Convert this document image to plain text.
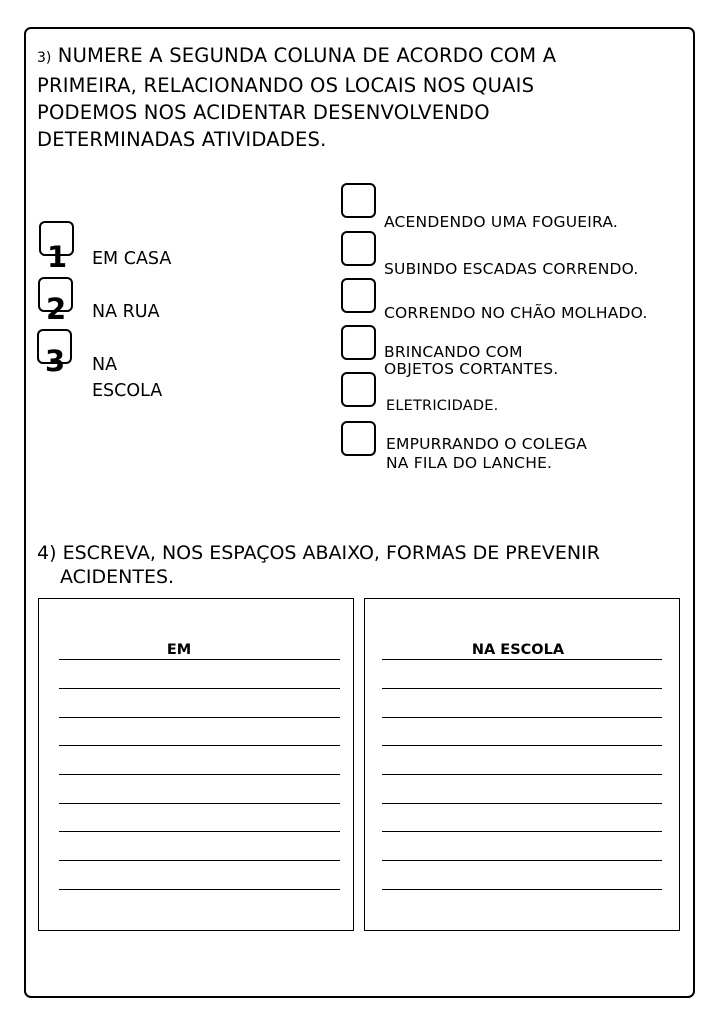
3) NUMERE A SEGUNDA COLUNA DE ACORDO COM A
PRIMEIRA, RELACIONANDO OS LOCAIS NOS QUAIS
PODEMOS NOS ACIDENTAR DESENVOLVENDO
DETERMINADAS ATIVIDADES.
1 EM CASA
2 NA RUA
3 NA
ESCOLA
ACENDENDO UMA FOGUEIRA.
SUBINDO ESCADAS CORRENDO.
CORRENDO NO CHÃO MOLHADO.
BRINCANDO COM
OBJETOS CORTANTES.
ELETRICIDADE.
EMPURRANDO O COLEGA
NA FILA DO LANCHE.
4) ESCREVA, NOS ESPAÇOS ABAIXO, FORMAS DE PREVENIR
ACIDENTES.
EM	NA ESCOLA
